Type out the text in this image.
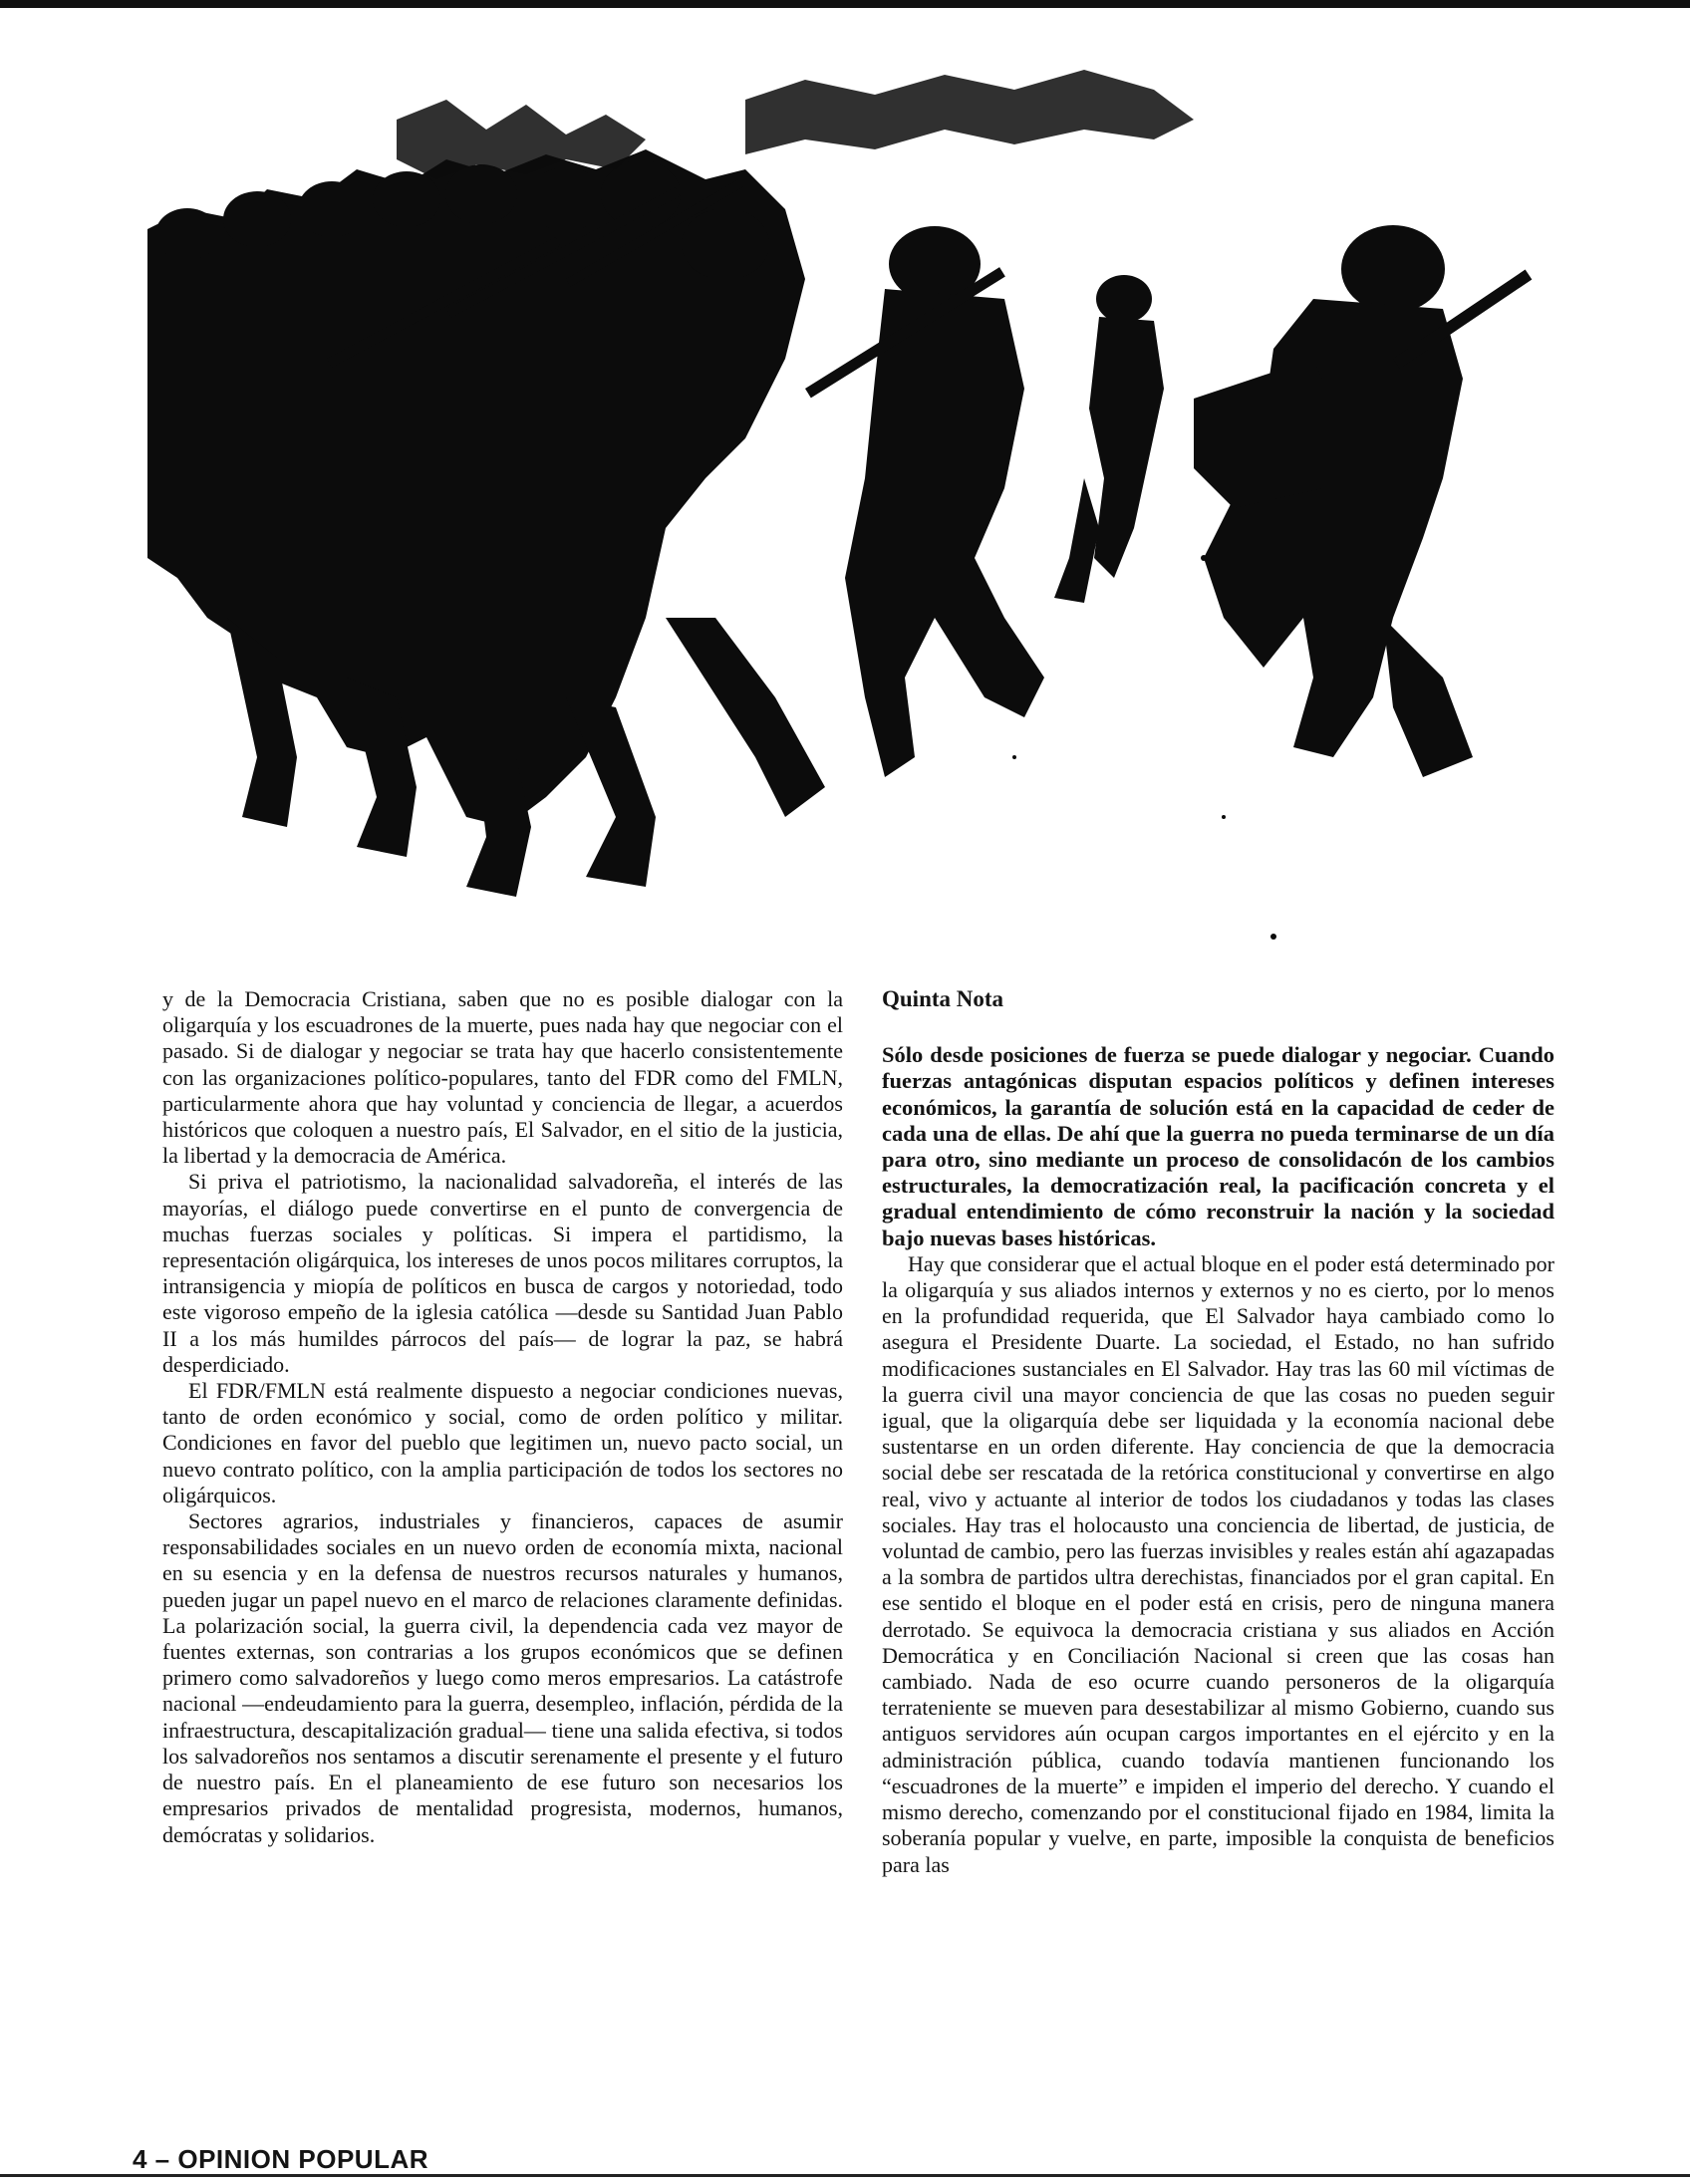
y de la Democracia Cristiana, saben que no es posible dialogar con la oligarquía y los escuadrones de la muerte, pues nada hay que negociar con el pasado. Si de dialogar y negociar se trata hay que hacerlo consistentemente con las organizaciones político-populares, tanto del FDR como del FMLN, particularmente ahora que hay voluntad y conciencia de llegar, a acuerdos históricos que coloquen a nuestro país, El Salvador, en el sitio de la justicia, la libertad y la democracia de América.

Si priva el patriotismo, la nacionalidad salvadoreña, el interés de las mayorías, el diálogo puede convertirse en el punto de convergencia de muchas fuerzas sociales y políticas. Si impera el partidismo, la representación oligárquica, los intereses de unos pocos militares corruptos, la intransigencia y miopía de políticos en busca de cargos y notoriedad, todo este vigoroso empeño de la iglesia católica —desde su Santidad Juan Pablo II a los más humildes párrocos del país— de lograr la paz, se habrá desperdiciado.

El FDR/FMLN está realmente dispuesto a negociar condiciones nuevas, tanto de orden económico y social, como de orden político y militar. Condiciones en favor del pueblo que legitimen un, nuevo pacto social, un nuevo contrato político, con la amplia participación de todos los sectores no oligárquicos.

Sectores agrarios, industriales y financieros, capaces de asumir responsabilidades sociales en un nuevo orden de economía mixta, nacional en su esencia y en la defensa de nuestros recursos naturales y humanos, pueden jugar un papel nuevo en el marco de relaciones claramente definidas. La polarización social, la guerra civil, la dependencia cada vez mayor de fuentes externas, son contrarias a los grupos económicos que se definen primero como salvadoreños y luego como meros empresarios. La catástrofe nacional —endeudamiento para la guerra, desempleo, inflación, pérdida de la infraestructura, descapitalización gradual— tiene una salida efectiva, si todos los salvadoreños nos sentamos a discutir serenamente el presente y el futuro de nuestro país. En el planeamiento de ese futuro son necesarios los empresarios privados de mentalidad progresista, modernos, humanos, demócratas y solidarios.

Quinta Nota

Sólo desde posiciones de fuerza se puede dialogar y negociar. Cuando fuerzas antagónicas disputan espacios políticos y definen intereses económicos, la garantía de solución está en la capacidad de ceder de cada una de ellas. De ahí que la guerra no pueda terminarse de un día para otro, sino mediante un proceso de consolidacón de los cambios estructurales, la democratización real, la pacificación concreta y el gradual entendimiento de cómo reconstruir la nación y la sociedad bajo nuevas bases históricas.

Hay que considerar que el actual bloque en el poder está determinado por la oligarquía y sus aliados internos y externos y no es cierto, por lo menos en la profundidad requerida, que El Salvador haya cambiado como lo asegura el Presidente Duarte. La sociedad, el Estado, no han sufrido modificaciones sustanciales en El Salvador. Hay tras las 60 mil víctimas de la guerra civil una mayor conciencia de que las cosas no pueden seguir igual, que la oligarquía debe ser liquidada y la economía nacional debe sustentarse en un orden diferente. Hay conciencia de que la democracia social debe ser rescatada de la retórica constitucional y convertirse en algo real, vivo y actuante al interior de todos los ciudadanos y todas las clases sociales. Hay tras el holocausto una conciencia de libertad, de justicia, de voluntad de cambio, pero las fuerzas invisibles y reales están ahí agazapadas a la sombra de partidos ultra derechistas, financiados por el gran capital. En ese sentido el bloque en el poder está en crisis, pero de ninguna manera derrotado. Se equivoca la democracia cristiana y sus aliados en Acción Democrática y en Conciliación Nacional si creen que las cosas han cambiado. Nada de eso ocurre cuando personeros de la oligarquía terrateniente se mueven para desestabilizar al mismo Gobierno, cuando sus antiguos servidores aún ocupan cargos importantes en el ejército y en la administración pública, cuando todavía mantienen funcionando los “escuadrones de la muerte” e impiden el imperio del derecho. Y cuando el mismo derecho, comenzando por el constitucional fijado en 1984, limita la soberanía popular y vuelve, en parte, imposible la conquista de beneficios para las

4 – OPINION POPULAR
